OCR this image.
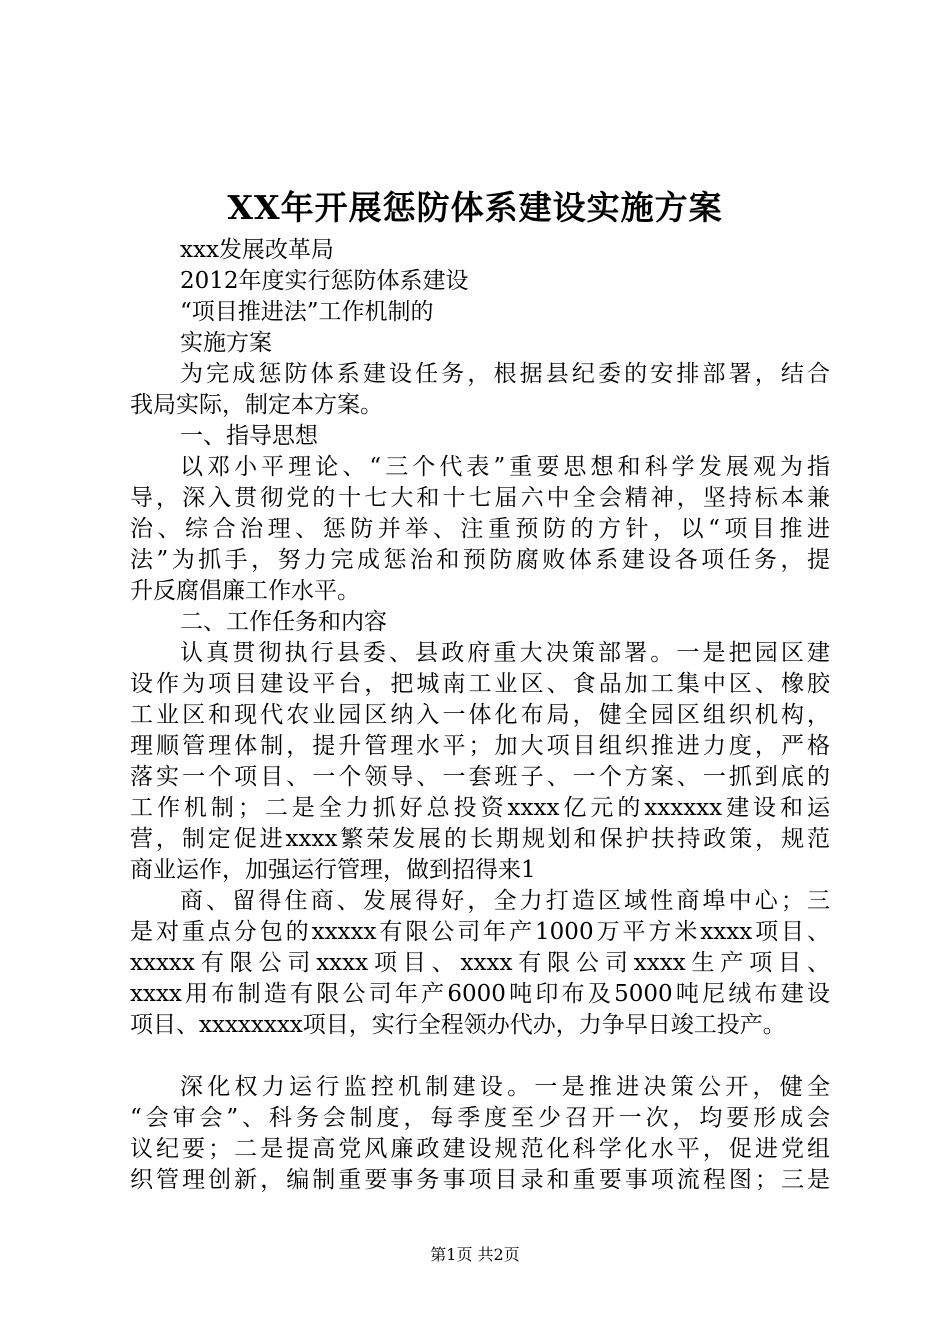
XX年开展惩防体系建设实施方案
xxx发展改革局
2012年度实行惩防体系建设
“项目推进法”工作机制的
实施方案
为完成惩防体系建设任务，根据县纪委的安排部署，结合
我局实际，制定本方案。
一、指导思想
以邓小平理论、“三个代表”重要思想和科学发展观为指
导，深入贯彻党的十七大和十七届六中全会精神，坚持标本兼
治、综合治理、惩防并举、注重预防的方针，以“项目推进
法”为抓手，努力完成惩治和预防腐败体系建设各项任务，提
升反腐倡廉工作水平。
二、工作任务和内容
认真贯彻执行县委、县政府重大决策部署。一是把园区建
设作为项目建设平台，把城南工业区、食品加工集中区、橡胶
工业区和现代农业园区纳入一体化布局，健全园区组织机构，
理顺管理体制，提升管理水平；加大项目组织推进力度，严格
落实一个项目、一个领导、一套班子、一个方案、一抓到底的
工作机制；二是全力抓好总投资xxxx亿元的xxxxxx建设和运
营，制定促进xxxx繁荣发展的长期规划和保护扶持政策，规范
商业运作，加强运行管理，做到招得来1
商、留得住商、发展得好，全力打造区域性商埠中心；三
是对重点分包的xxxxx有限公司年产1000万平方米xxxx项目、
xxxxx有限公司xxxx项目、xxxx有限公司xxxx生产项目、
xxxx用布制造有限公司年产6000吨印布及5000吨尼绒布建设
项目、xxxxxxxx项目，实行全程领办代办，力争早日竣工投产。
深化权力运行监控机制建设。一是推进决策公开，健全
“会审会”、科务会制度，每季度至少召开一次，均要形成会
议纪要；二是提高党风廉政建设规范化科学化水平，促进党组
织管理创新，编制重要事务事项目录和重要事项流程图；三是
第1页 共2页
